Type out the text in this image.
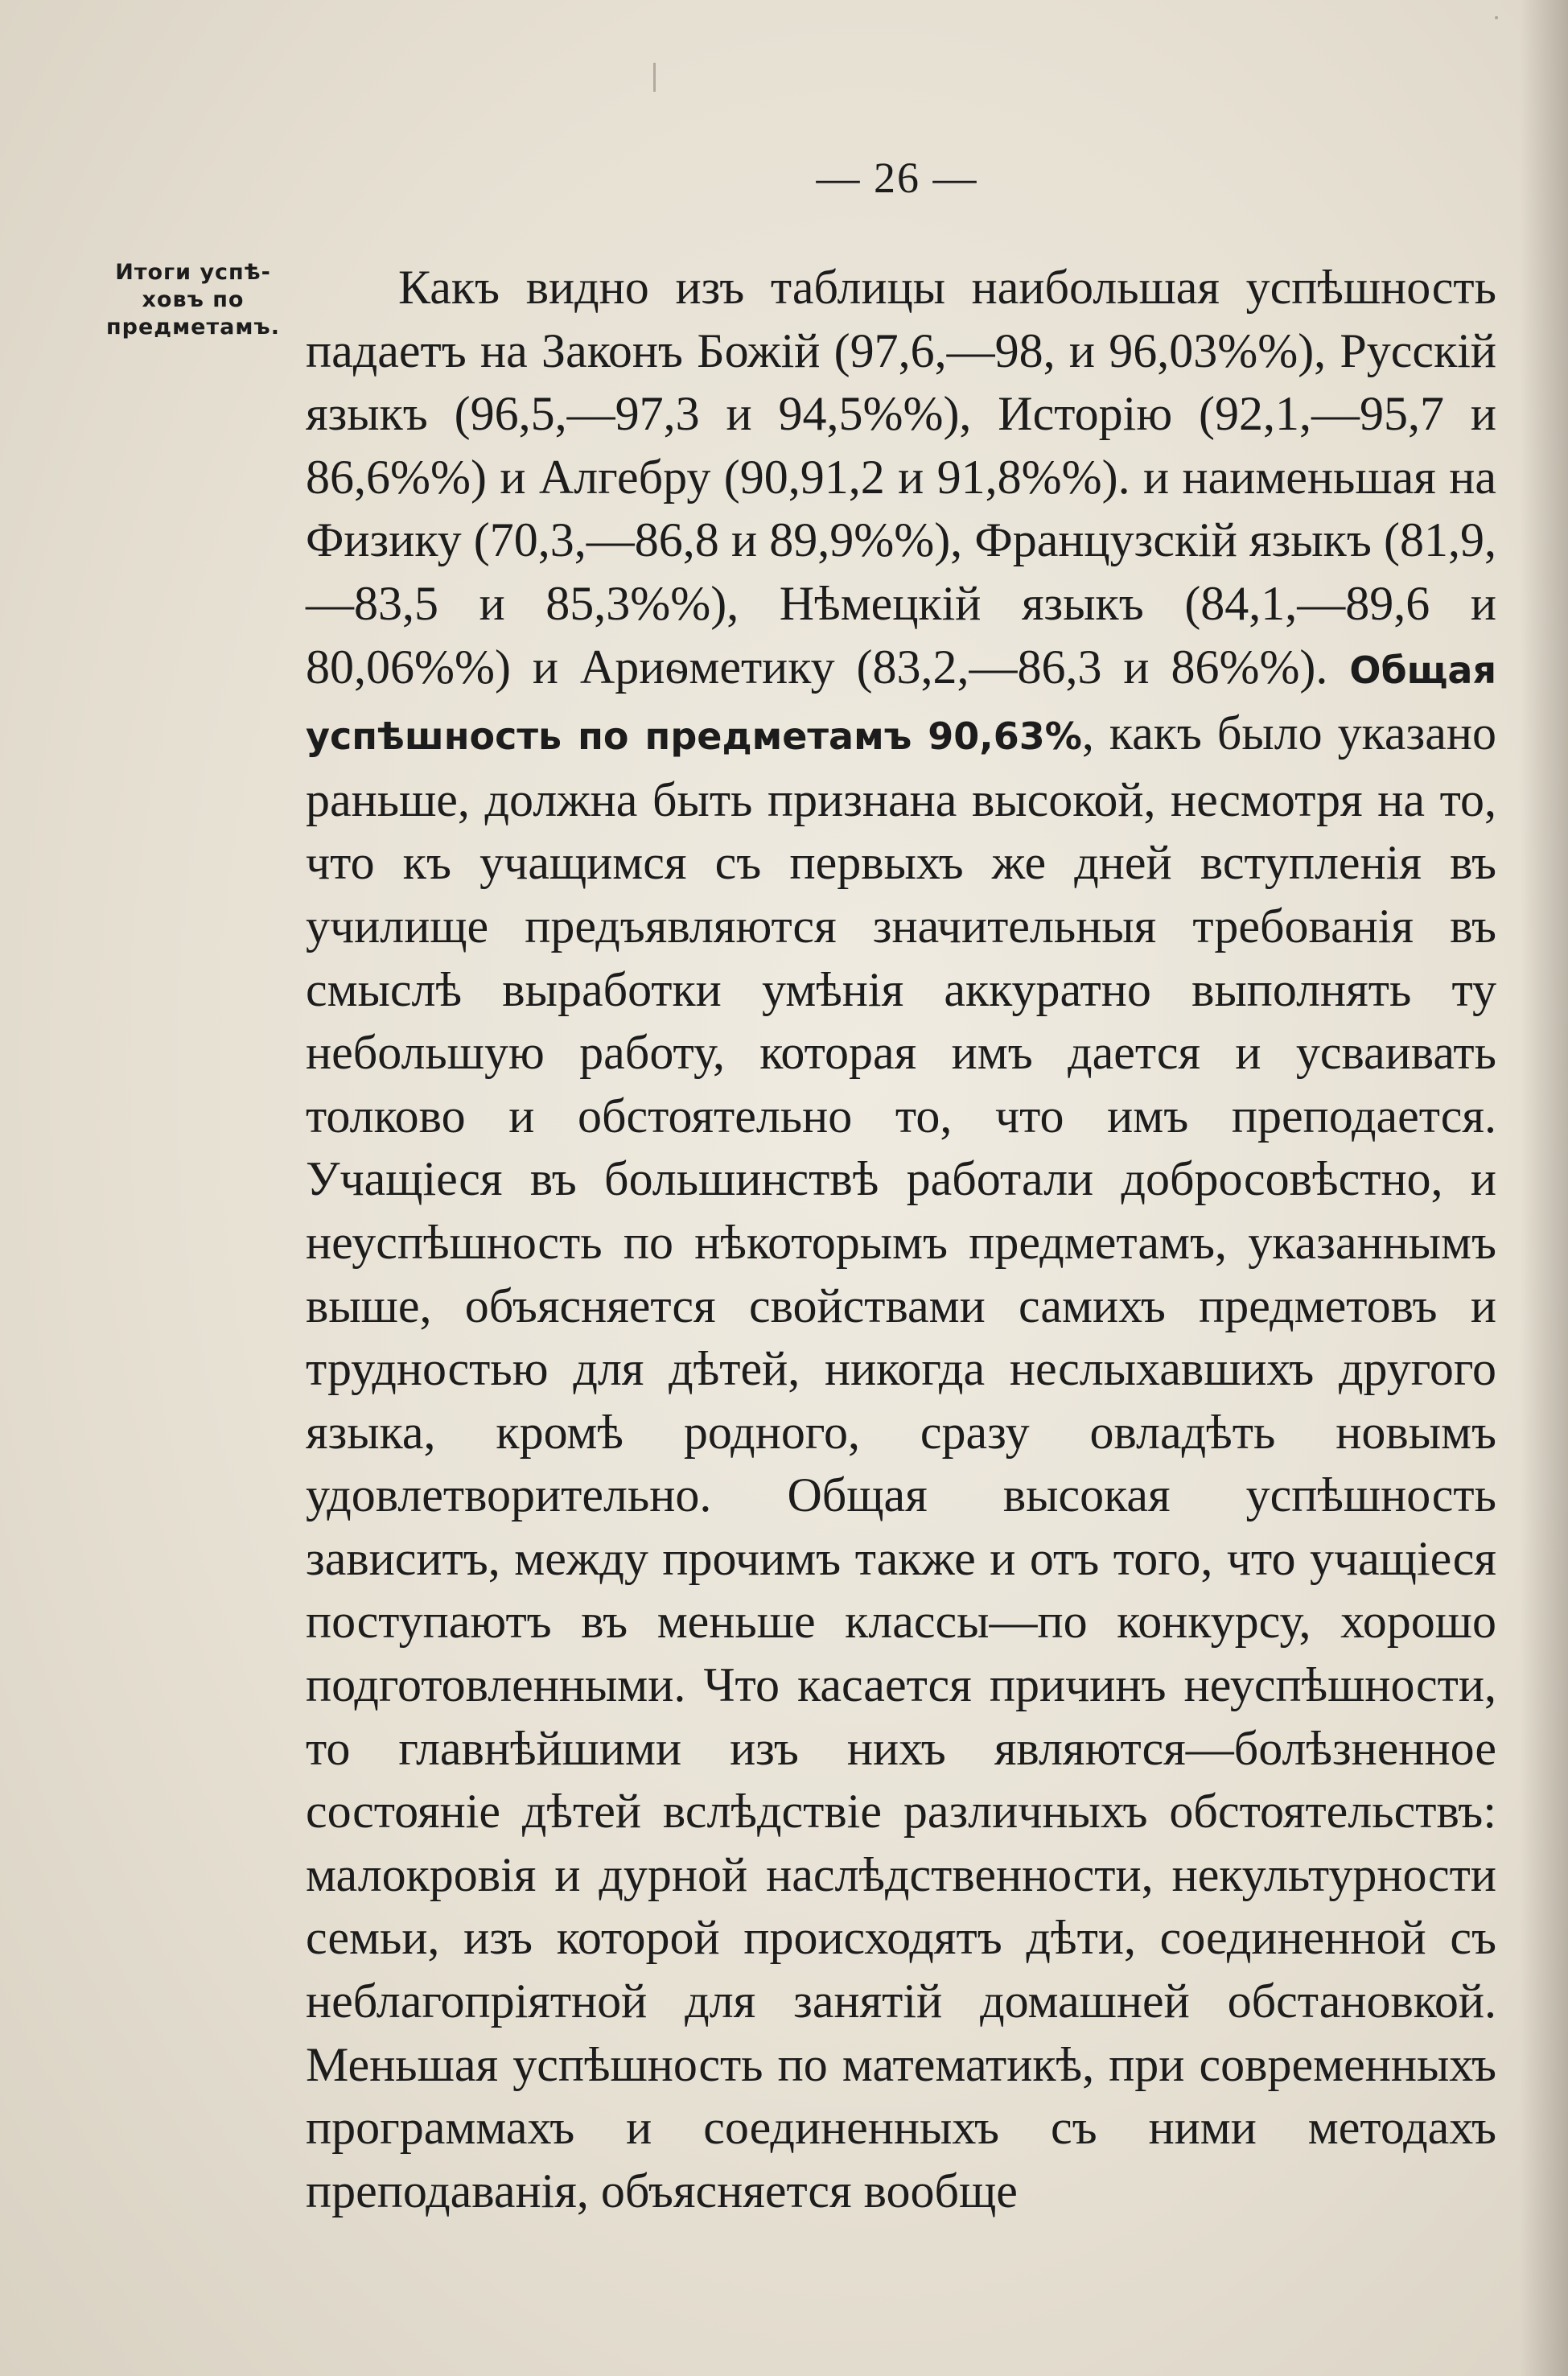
— 26 —
Итоги успѣ-
ховъ по
предметамъ.

Какъ видно изъ таблицы наибольшая успѣшность падаетъ на Законъ Божій (97,6,—98, и 96,03%%), Русскій языкъ (96,5,—97,3 и 94,5%%), Исторію (92,1,—95,7 и 86,6%%) и Алгебру (90,91,2 и 91,8%%). и наименьшая на Физику (70,3,—86,8 и 89,9%%), Французскій языкъ (81,9,—83,5 и 85,3%%), Нѣмецкій языкъ (84,1,—89,6 и 80,06%%) и Ариѳметику (83,2,—86,3 и 86%%). Общая успѣшность по предметамъ 90,63%, какъ было указано раньше, должна быть признана высокой, несмотря на то, что къ учащимся съ первыхъ же дней вступленія въ училище предъявляются значительныя требованія въ смыслѣ выработки умѣнія аккуратно выполнять ту небольшую работу, которая имъ дается и усваивать толково и обстоятельно то, что имъ преподается. Учащіеся въ большинствѣ работали добросовѣстно, и неуспѣшность по нѣкоторымъ предметамъ, указаннымъ выше, объясняется свойствами самихъ предметовъ и трудностью для дѣтей, никогда неслыхавшихъ другого языка, кромѣ родного, сразу овладѣть новымъ удовлетворительно. Общая высокая успѣшность зависитъ, между прочимъ также и отъ того, что учащіеся поступаютъ въ меньше классы—по конкурсу, хорошо подготовленными. Что касается причинъ неуспѣшности, то главнѣйшими изъ нихъ являются—болѣзненное состояніе дѣтей вслѣдствіе различныхъ обстоятельствъ: малокровія и дурной наслѣдственности, некультурности семьи, изъ которой происходятъ дѣти, соединенной съ неблагопріятной для занятій домашней обстановкой. Меньшая успѣшность по математикѣ, при современныхъ программахъ и соединенныхъ съ ними методахъ преподаванія, объясняется вообще
